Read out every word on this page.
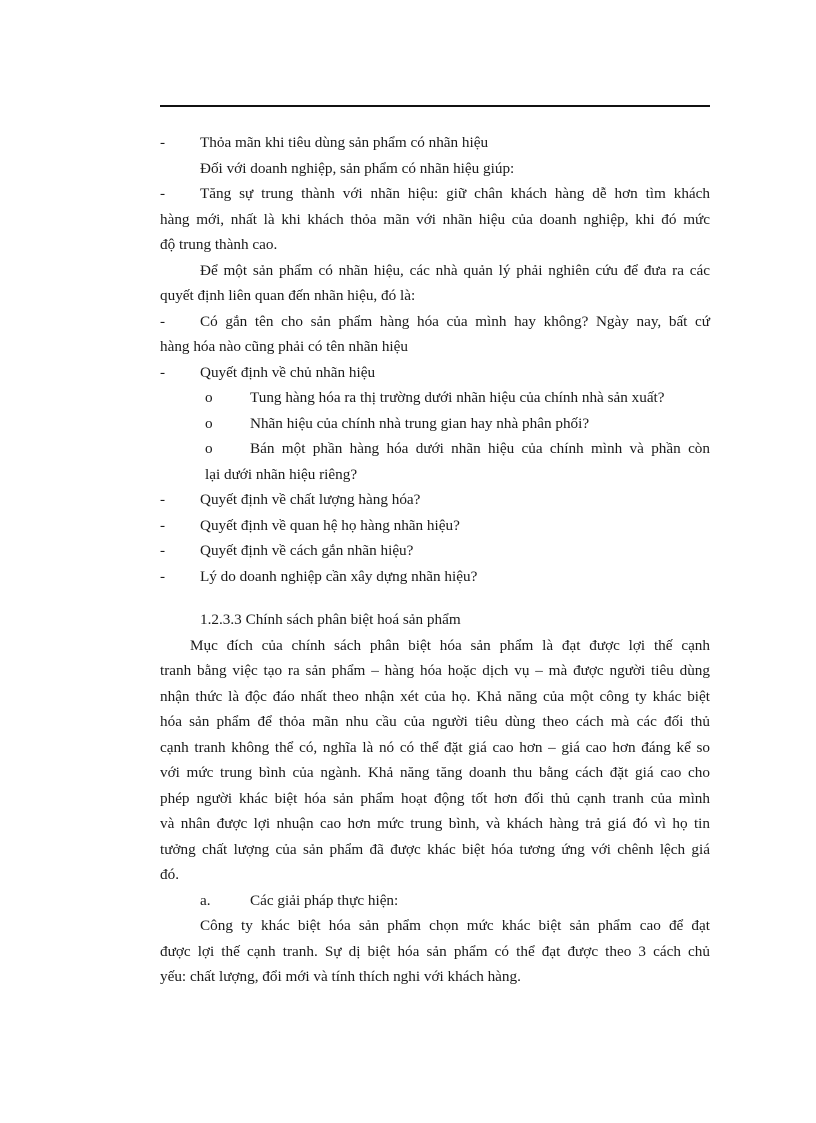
- Thỏa mãn khi tiêu dùng sản phẩm có nhãn hiệu
Đối với doanh nghiệp, sản phẩm có nhãn hiệu giúp:
-	Tăng sự trung thành với nhãn hiệu: giữ chân khách hàng dễ hơn tìm khách
hàng mới, nhất là khi khách thỏa mãn với nhãn hiệu của doanh nghiệp, khi đó mức
độ trung thành cao.
Để một sản phẩm có nhãn hiệu, các nhà quản lý phải nghiên cứu để đưa ra các
quyết định liên quan đến nhãn hiệu, đó là:
-	Có gắn tên cho sản phẩm hàng hóa của mình hay không? Ngày nay, bất cứ
hàng hóa nào cũng phải có tên nhãn hiệu
- Quyết định về chủ nhãn hiệu
o Tung hàng hóa ra thị trường dưới nhãn hiệu của chính nhà sản xuất?
o Nhãn hiệu của chính nhà trung gian hay nhà phân phối?
o	Bán một phần hàng hóa dưới nhãn hiệu của chính mình và phần còn
lại dưới nhãn hiệu riêng?
- Quyết định về chất lượng hàng hóa?
- Quyết định về quan hệ họ hàng nhãn hiệu?
- Quyết định về cách gắn nhãn hiệu?
- Lý do doanh nghiệp cần xây dựng nhãn hiệu?
1.2.3.3 Chính sách phân biệt hoá sản phẩm
Mục đích của chính sách phân biệt hóa sản phẩm là đạt được lợi thế cạnh
tranh bằng việc tạo ra sản phẩm – hàng hóa hoặc dịch vụ – mà được người tiêu dùng
nhận thức là độc đáo nhất theo nhận xét của họ. Khả năng của một công ty khác biệt
hóa sản phẩm để thỏa mãn nhu cầu của người tiêu dùng theo cách mà các đối thủ
cạnh tranh không thể có, nghĩa là nó có thể đặt giá cao hơn – giá cao hơn đáng kể so
với mức trung bình của ngành. Khả năng tăng doanh thu bằng cách đặt giá cao cho
phép người khác biệt hóa sản phẩm hoạt động tốt hơn đối thủ cạnh tranh của mình
và nhân được lợi nhuận cao hơn mức trung bình, và khách hàng trả giá đó vì họ tin
tưởng chất lượng của sản phẩm đã được khác biệt hóa tương ứng với chênh lệch giá
đó.
a.	Các giải pháp thực hiện:
Công ty khác biệt hóa sản phẩm chọn mức khác biệt sản phẩm cao để đạt
được lợi thế cạnh tranh. Sự dị biệt hóa sản phẩm có thể đạt được theo 3 cách chủ
yếu: chất lượng, đổi mới và tính thích nghi với khách hàng.
